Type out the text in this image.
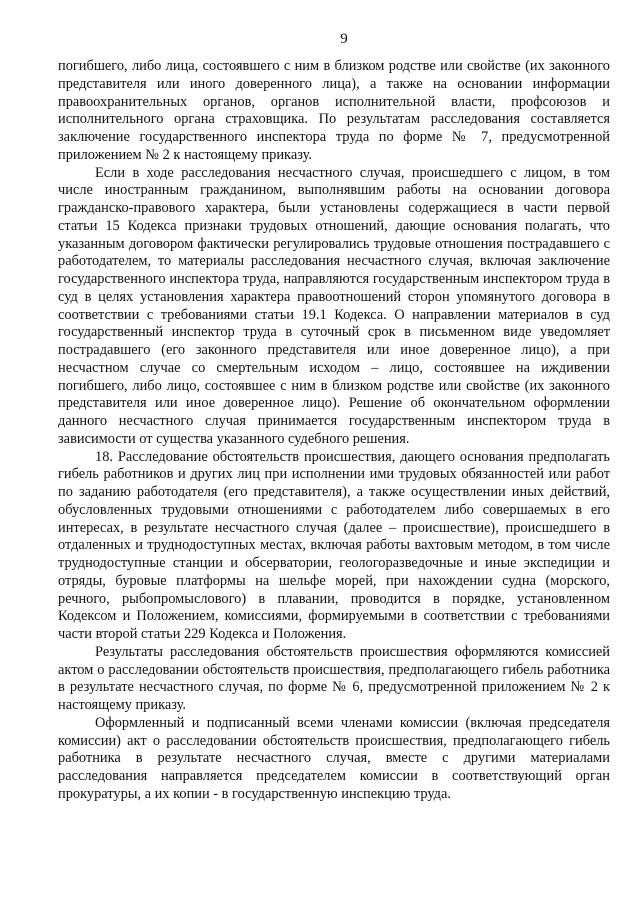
9

погибшего, либо лица, состоявшего с ним в близком родстве или свойстве (их законного представителя или иного доверенного лица), а также на основании информации правоохранительных органов, органов исполнительной власти, профсоюзов и исполнительного органа страховщика. По результатам расследования составляется заключение государственного инспектора труда по форме № 7, предусмотренной приложением № 2 к настоящему приказу.

Если в ходе расследования несчастного случая, происшедшего с лицом, в том числе иностранным гражданином, выполнявшим работы на основании договора гражданско-правового характера, были установлены содержащиеся в части первой статьи 15 Кодекса признаки трудовых отношений, дающие основания полагать, что указанным договором фактически регулировались трудовые отношения пострадавшего с работодателем, то материалы расследования несчастного случая, включая заключение государственного инспектора труда, направляются государственным инспектором труда в суд в целях установления характера правоотношений сторон упомянутого договора в соответствии с требованиями статьи 19.1 Кодекса. О направлении материалов в суд государственный инспектор труда в суточный срок в письменном виде уведомляет пострадавшего (его законного представителя или иное доверенное лицо), а при несчастном случае со смертельным исходом – лицо, состоявшее на иждивении погибшего, либо лицо, состоявшее с ним в близком родстве или свойстве (их законного представителя или иное доверенное лицо). Решение об окончательном оформлении данного несчастного случая принимается государственным инспектором труда в зависимости от существа указанного судебного решения.

18. Расследование обстоятельств происшествия, дающего основания предполагать гибель работников и других лиц при исполнении ими трудовых обязанностей или работ по заданию работодателя (его представителя), а также осуществлении иных действий, обусловленных трудовыми отношениями с работодателем либо совершаемых в его интересах, в результате несчастного случая (далее – происшествие), происшедшего в отдаленных и труднодоступных местах, включая работы вахтовым методом, в том числе труднодоступные станции и обсерватории, геологоразведочные и иные экспедиции и отряды, буровые платформы на шельфе морей, при нахождении судна (морского, речного, рыбопромыслового) в плавании, проводится в порядке, установленном Кодексом и Положением, комиссиями, формируемыми в соответствии с требованиями части второй статьи 229 Кодекса и Положения.

Результаты расследования обстоятельств происшествия оформляются комиссией актом о расследовании обстоятельств происшествия, предполагающего гибель работника в результате несчастного случая, по форме № 6, предусмотренной приложением № 2 к настоящему приказу.

Оформленный и подписанный всеми членами комиссии (включая председателя комиссии) акт о расследовании обстоятельств происшествия, предполагающего гибель работника в результате несчастного случая, вместе с другими материалами расследования направляется председателем комиссии в соответствующий орган прокуратуры, а их копии - в государственную инспекцию труда.
